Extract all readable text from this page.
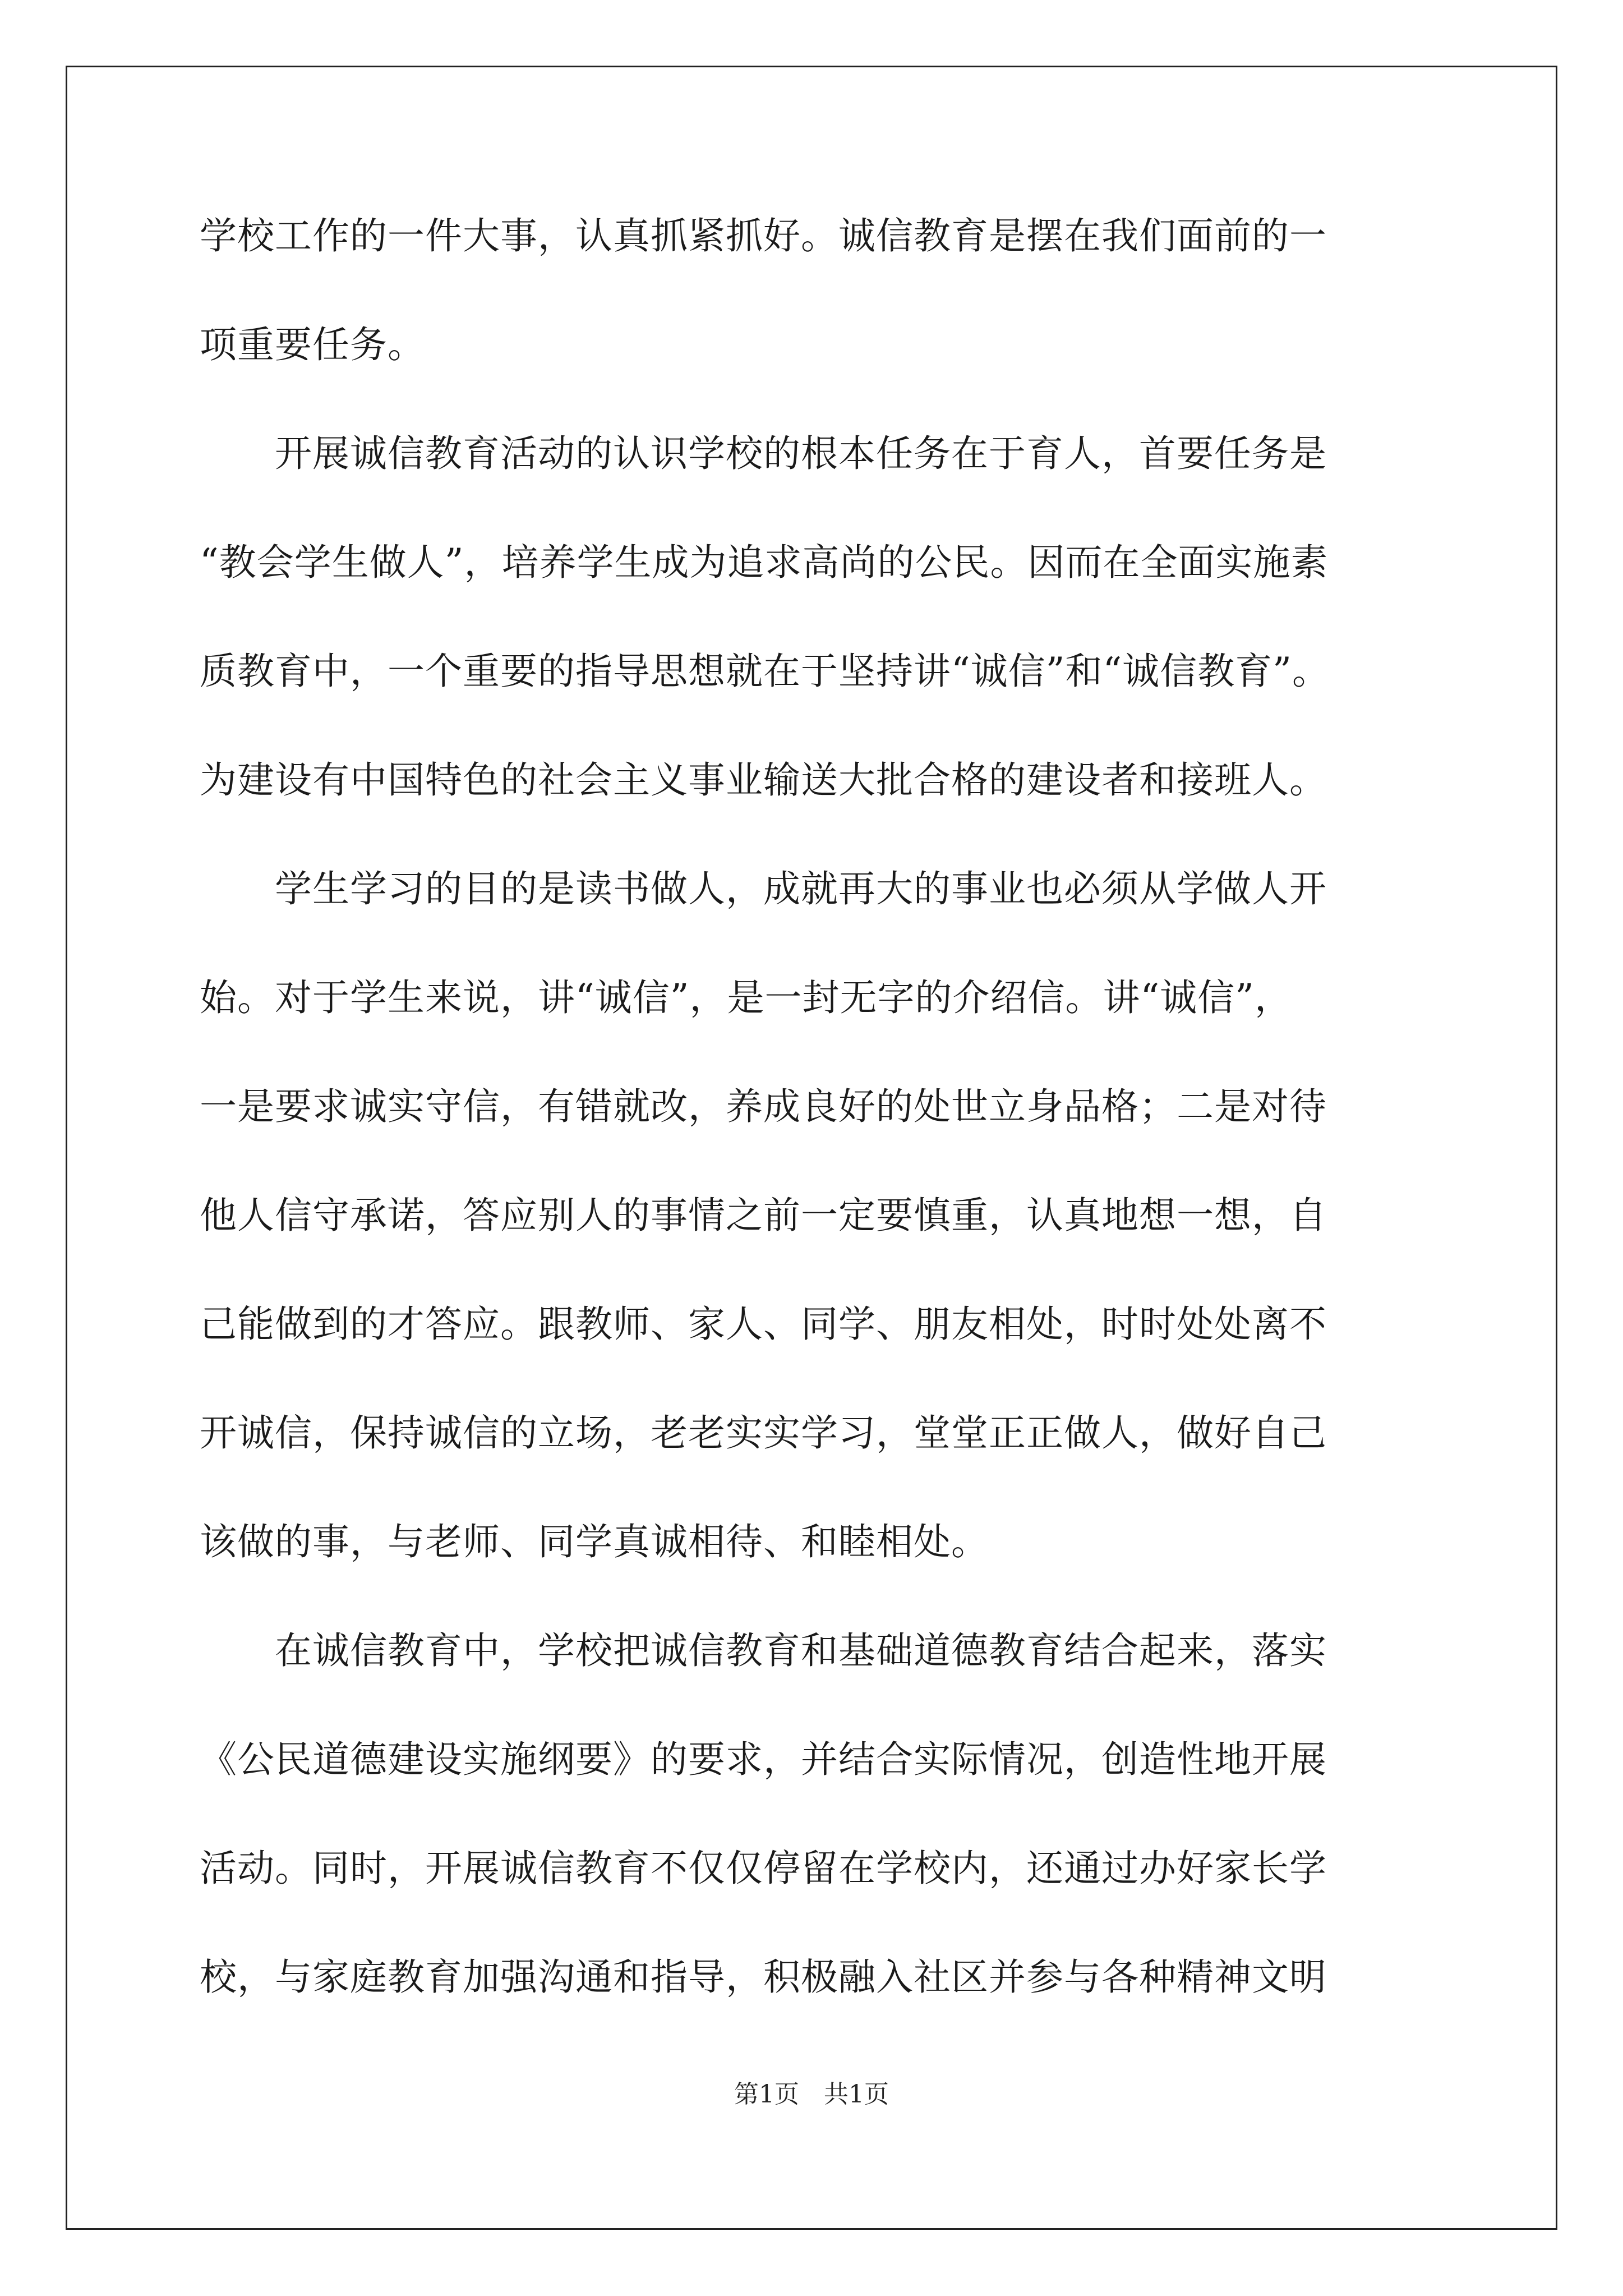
学校工作的一件大事，认真抓紧抓好。诚信教育是摆在我们面前的一
项重要任务。
　　开展诚信教育活动的认识学校的根本任务在于育人，首要任务是
“教会学生做人”，培养学生成为追求高尚的公民。因而在全面实施素
质教育中，一个重要的指导思想就在于坚持讲“诚信”和“诚信教育”。
为建设有中国特色的社会主义事业输送大批合格的建设者和接班人。
　　学生学习的目的是读书做人，成就再大的事业也必须从学做人开
始。对于学生来说，讲“诚信”，是一封无字的介绍信。讲“诚信”，
一是要求诚实守信，有错就改，养成良好的处世立身品格；二是对待
他人信守承诺，答应别人的事情之前一定要慎重，认真地想一想，自
己能做到的才答应。跟教师、家人、同学、朋友相处，时时处处离不
开诚信，保持诚信的立场，老老实实学习，堂堂正正做人，做好自己
该做的事，与老师、同学真诚相待、和睦相处。
　　在诚信教育中，学校把诚信教育和基础道德教育结合起来，落实
《公民道德建设实施纲要》的要求，并结合实际情况，创造性地开展
活动。同时，开展诚信教育不仅仅停留在学校内，还通过办好家长学
校，与家庭教育加强沟通和指导，积极融入社区并参与各种精神文明
第1页　共1页
